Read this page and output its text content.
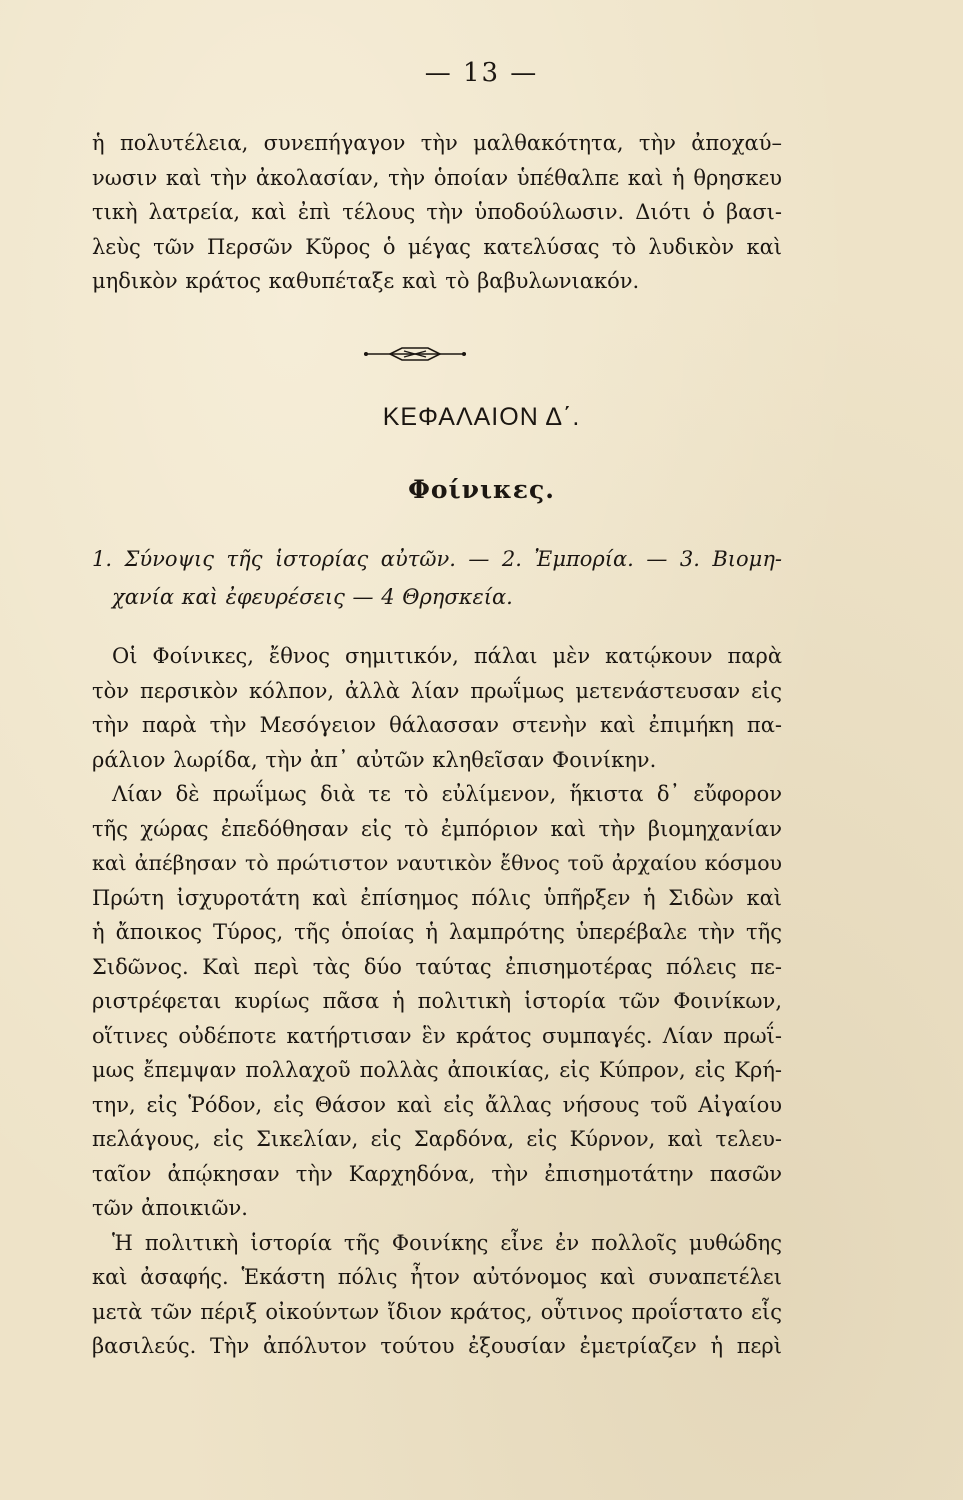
— 13 —
ἡ πολυτέλεια, συνεπήγαγον τὴν μαλθακότητα, τὴν ἀποχαύ–
νωσιν καὶ τὴν ἀκολασίαν, τὴν ὁποίαν ὑπέθαλπε καὶ ἡ θρησκευ
τικὴ λατρεία, καὶ ἐπὶ τέλους τὴν ὑποδούλωσιν. Διότι ὁ βασι-
λεὺς τῶν Περσῶν Κῦρος ὁ μέγας κατελύσας τὸ λυδικὸν καὶ
μηδικὸν κράτος καθυπέταξε καὶ τὸ βαβυλωνιακόν.
ΚΕΦΑΛΑΙΟΝ Δ΄.
Φοίνικες.
1. Σύνοψις τῆς ἱστορίας αὐτῶν. — 2. Ἐμπορία. — 3. Βιομη-
χανία καὶ ἐφευρέσεις — 4 Θρησκεία.
Οἱ Φοίνικες, ἔθνος σημιτικόν, πάλαι μὲν κατῴκουν παρὰ
τὸν περσικὸν κόλπον, ἀλλὰ λίαν πρωΐμως μετενάστευσαν εἰς
τὴν παρὰ τὴν Μεσόγειον θάλασσαν στενὴν καὶ ἐπιμήκη πα-
ράλιον λωρίδα, τὴν ἀπ᾽ αὐτῶν κληθεῖσαν Φοινίκην.
Λίαν δὲ πρωΐμως διὰ τε τὸ εὐλίμενον, ἥκιστα δ᾽ εὔφορον
τῆς χώρας ἐπεδόθησαν εἰς τὸ ἐμπόριον καὶ τὴν βιομηχανίαν
καὶ ἀπέβησαν τὸ πρώτιστον ναυτικὸν ἔθνος τοῦ ἀρχαίου κόσμου
Πρώτη ἰσχυροτάτη καὶ ἐπίσημος πόλις ὑπῆρξεν ἡ Σιδὼν καὶ
ἡ ἄποικος Τύρος, τῆς ὁποίας ἡ λαμπρότης ὑπερέβαλε τὴν τῆς
Σιδῶνος. Καὶ περὶ τὰς δύο ταύτας ἐπισημοτέρας πόλεις πε-
ριστρέφεται κυρίως πᾶσα ἡ πολιτικὴ ἱστορία τῶν Φοινίκων,
οἵτινες οὐδέποτε κατήρτισαν ἓν κράτος συμπαγές. Λίαν πρωΐ-
μως ἔπεμψαν πολλαχοῦ πολλὰς ἀποικίας, εἰς Κύπρον, εἰς Κρή-
την, εἰς Ῥόδον, εἰς Θάσον καὶ εἰς ἄλλας νήσους τοῦ Αἰγαίου
πελάγους, εἰς Σικελίαν, εἰς Σαρδόνα, εἰς Κύρνον, καὶ τελευ-
ταῖον ἀπῴκησαν τὴν Καρχηδόνα, τὴν ἐπισημοτάτην πασῶν
τῶν ἀποικιῶν.
Ἡ πολιτικὴ ἱστορία τῆς Φοινίκης εἶνε ἐν πολλοῖς μυθώδης
καὶ ἀσαφής. Ἑκάστη πόλις ἦτον αὐτόνομος καὶ συναπετέλει
μετὰ τῶν πέριξ οἰκούντων ἴδιον κράτος, οὗτινος προΐστατο εἷς
βασιλεύς. Τὴν ἀπόλυτον τούτου ἐξουσίαν ἐμετρίαζεν ἡ περὶ
